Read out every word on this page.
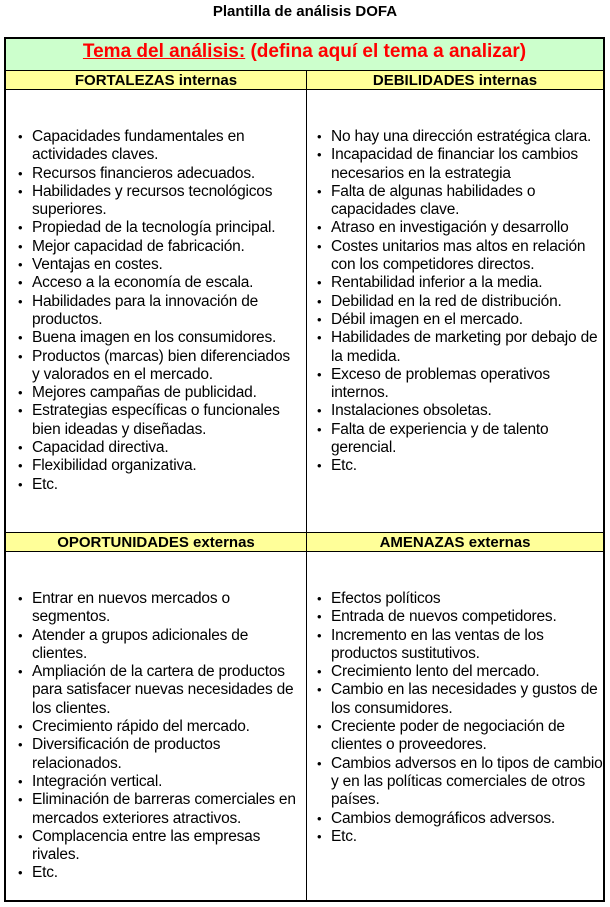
Plantilla de análisis DOFA
Tema del análisis: (defina aquí el tema a analizar)
FORTALEZAS internas	DEBILIDADES internas
• Capacidades fundamentales en actividades claves.
• Recursos financieros adecuados.
• Habilidades y recursos tecnológicos superiores.
• Propiedad de la tecnología principal.
• Mejor capacidad de fabricación.
• Ventajas en costes.
• Acceso a la economía de escala.
• Habilidades para la innovación de productos.
• Buena imagen en los consumidores.
• Productos (marcas) bien diferenciados y valorados en el mercado.
• Mejores campañas de publicidad.
• Estrategias específicas o funcionales bien ideadas y diseñadas.
• Capacidad directiva.
• Flexibilidad organizativa.
• Etc.
• No hay una dirección estratégica clara.
• Incapacidad de financiar los cambios necesarios en la estrategia
• Falta de algunas habilidades o capacidades clave.
• Atraso en investigación y desarrollo
• Costes unitarios mas altos en relación con los competidores directos.
• Rentabilidad inferior a la media.
• Debilidad en la red de distribución.
• Débil imagen en el mercado.
• Habilidades de marketing por debajo de la medida.
• Exceso de problemas operativos internos.
• Instalaciones obsoletas.
• Falta de experiencia y de talento gerencial.
• Etc.
OPORTUNIDADES externas	AMENAZAS externas
• Entrar en nuevos mercados o segmentos.
• Atender a grupos adicionales de clientes.
• Ampliación de la cartera de productos para satisfacer nuevas necesidades de los clientes.
• Crecimiento rápido del mercado.
• Diversificación de productos relacionados.
• Integración vertical.
• Eliminación de barreras comerciales en mercados exteriores atractivos.
• Complacencia entre las empresas rivales.
• Etc.
• Efectos políticos
• Entrada de nuevos competidores.
• Incremento en las ventas de los productos sustitutivos.
• Crecimiento lento del mercado.
• Cambio en las necesidades y gustos de los consumidores.
• Creciente poder de negociación de clientes o proveedores.
• Cambios adversos en lo tipos de cambio y en las políticas comerciales de otros países.
• Cambios demográficos adversos.
• Etc.
